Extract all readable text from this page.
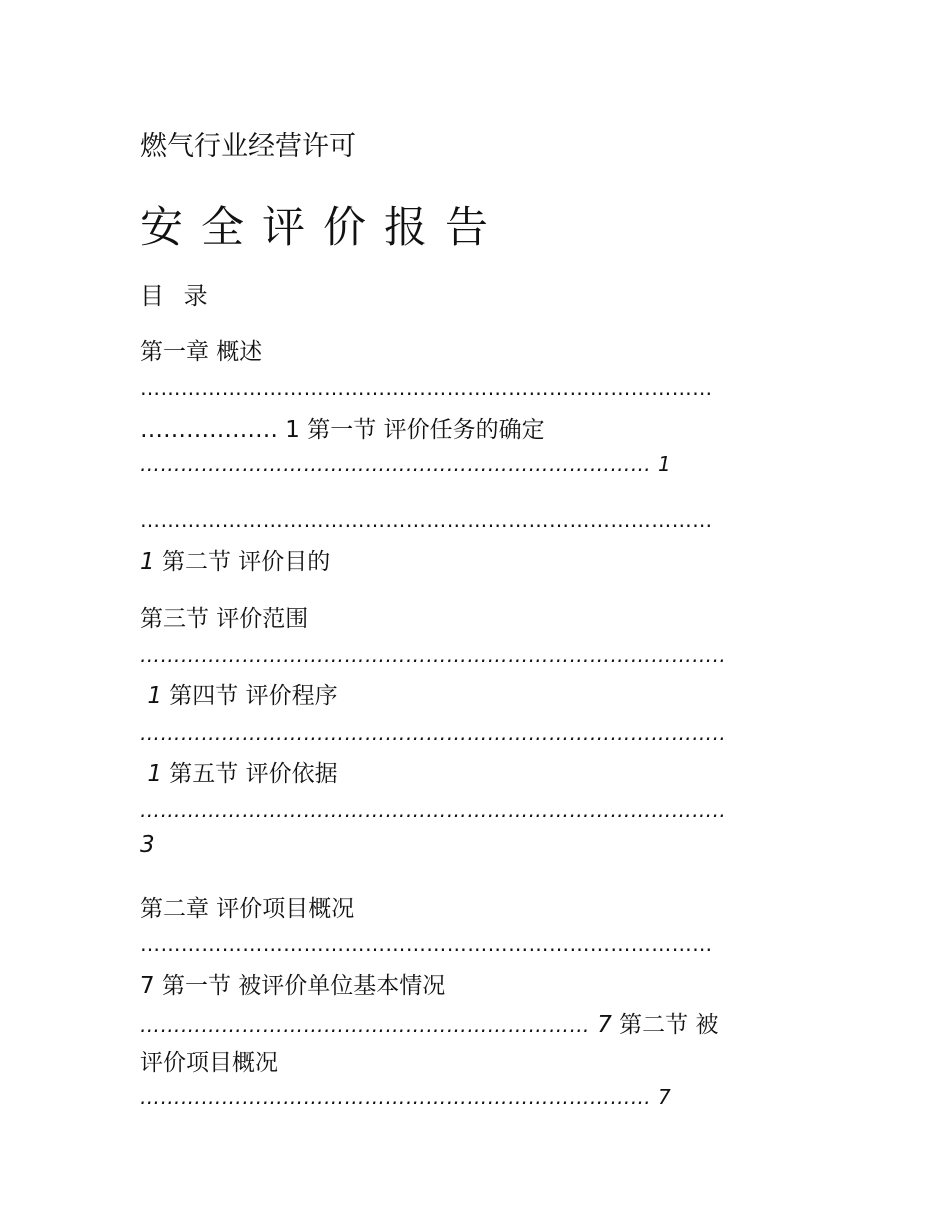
燃气行业经营许可
安全评价报告
目 录
第一章 概述
…………………………………………………………………………
……………… 1 第一节 评价任务的确定
………………………………………………………………… 1
…………………………………………………………………………
1 第二节 评价目的
第三节 评价范围
…………………………………………………………………………..
1 第四节 评价程序
…………………………………………………………………………..
1 第五节 评价依据
…………………………………………………………………………..
3
第二章 评价项目概况
…………………………………………………………………………
7 第一节 被评价单位基本情况
………………………………………………………… 7 第二节 被
评价项目概况
………………………………………………………………… 7
